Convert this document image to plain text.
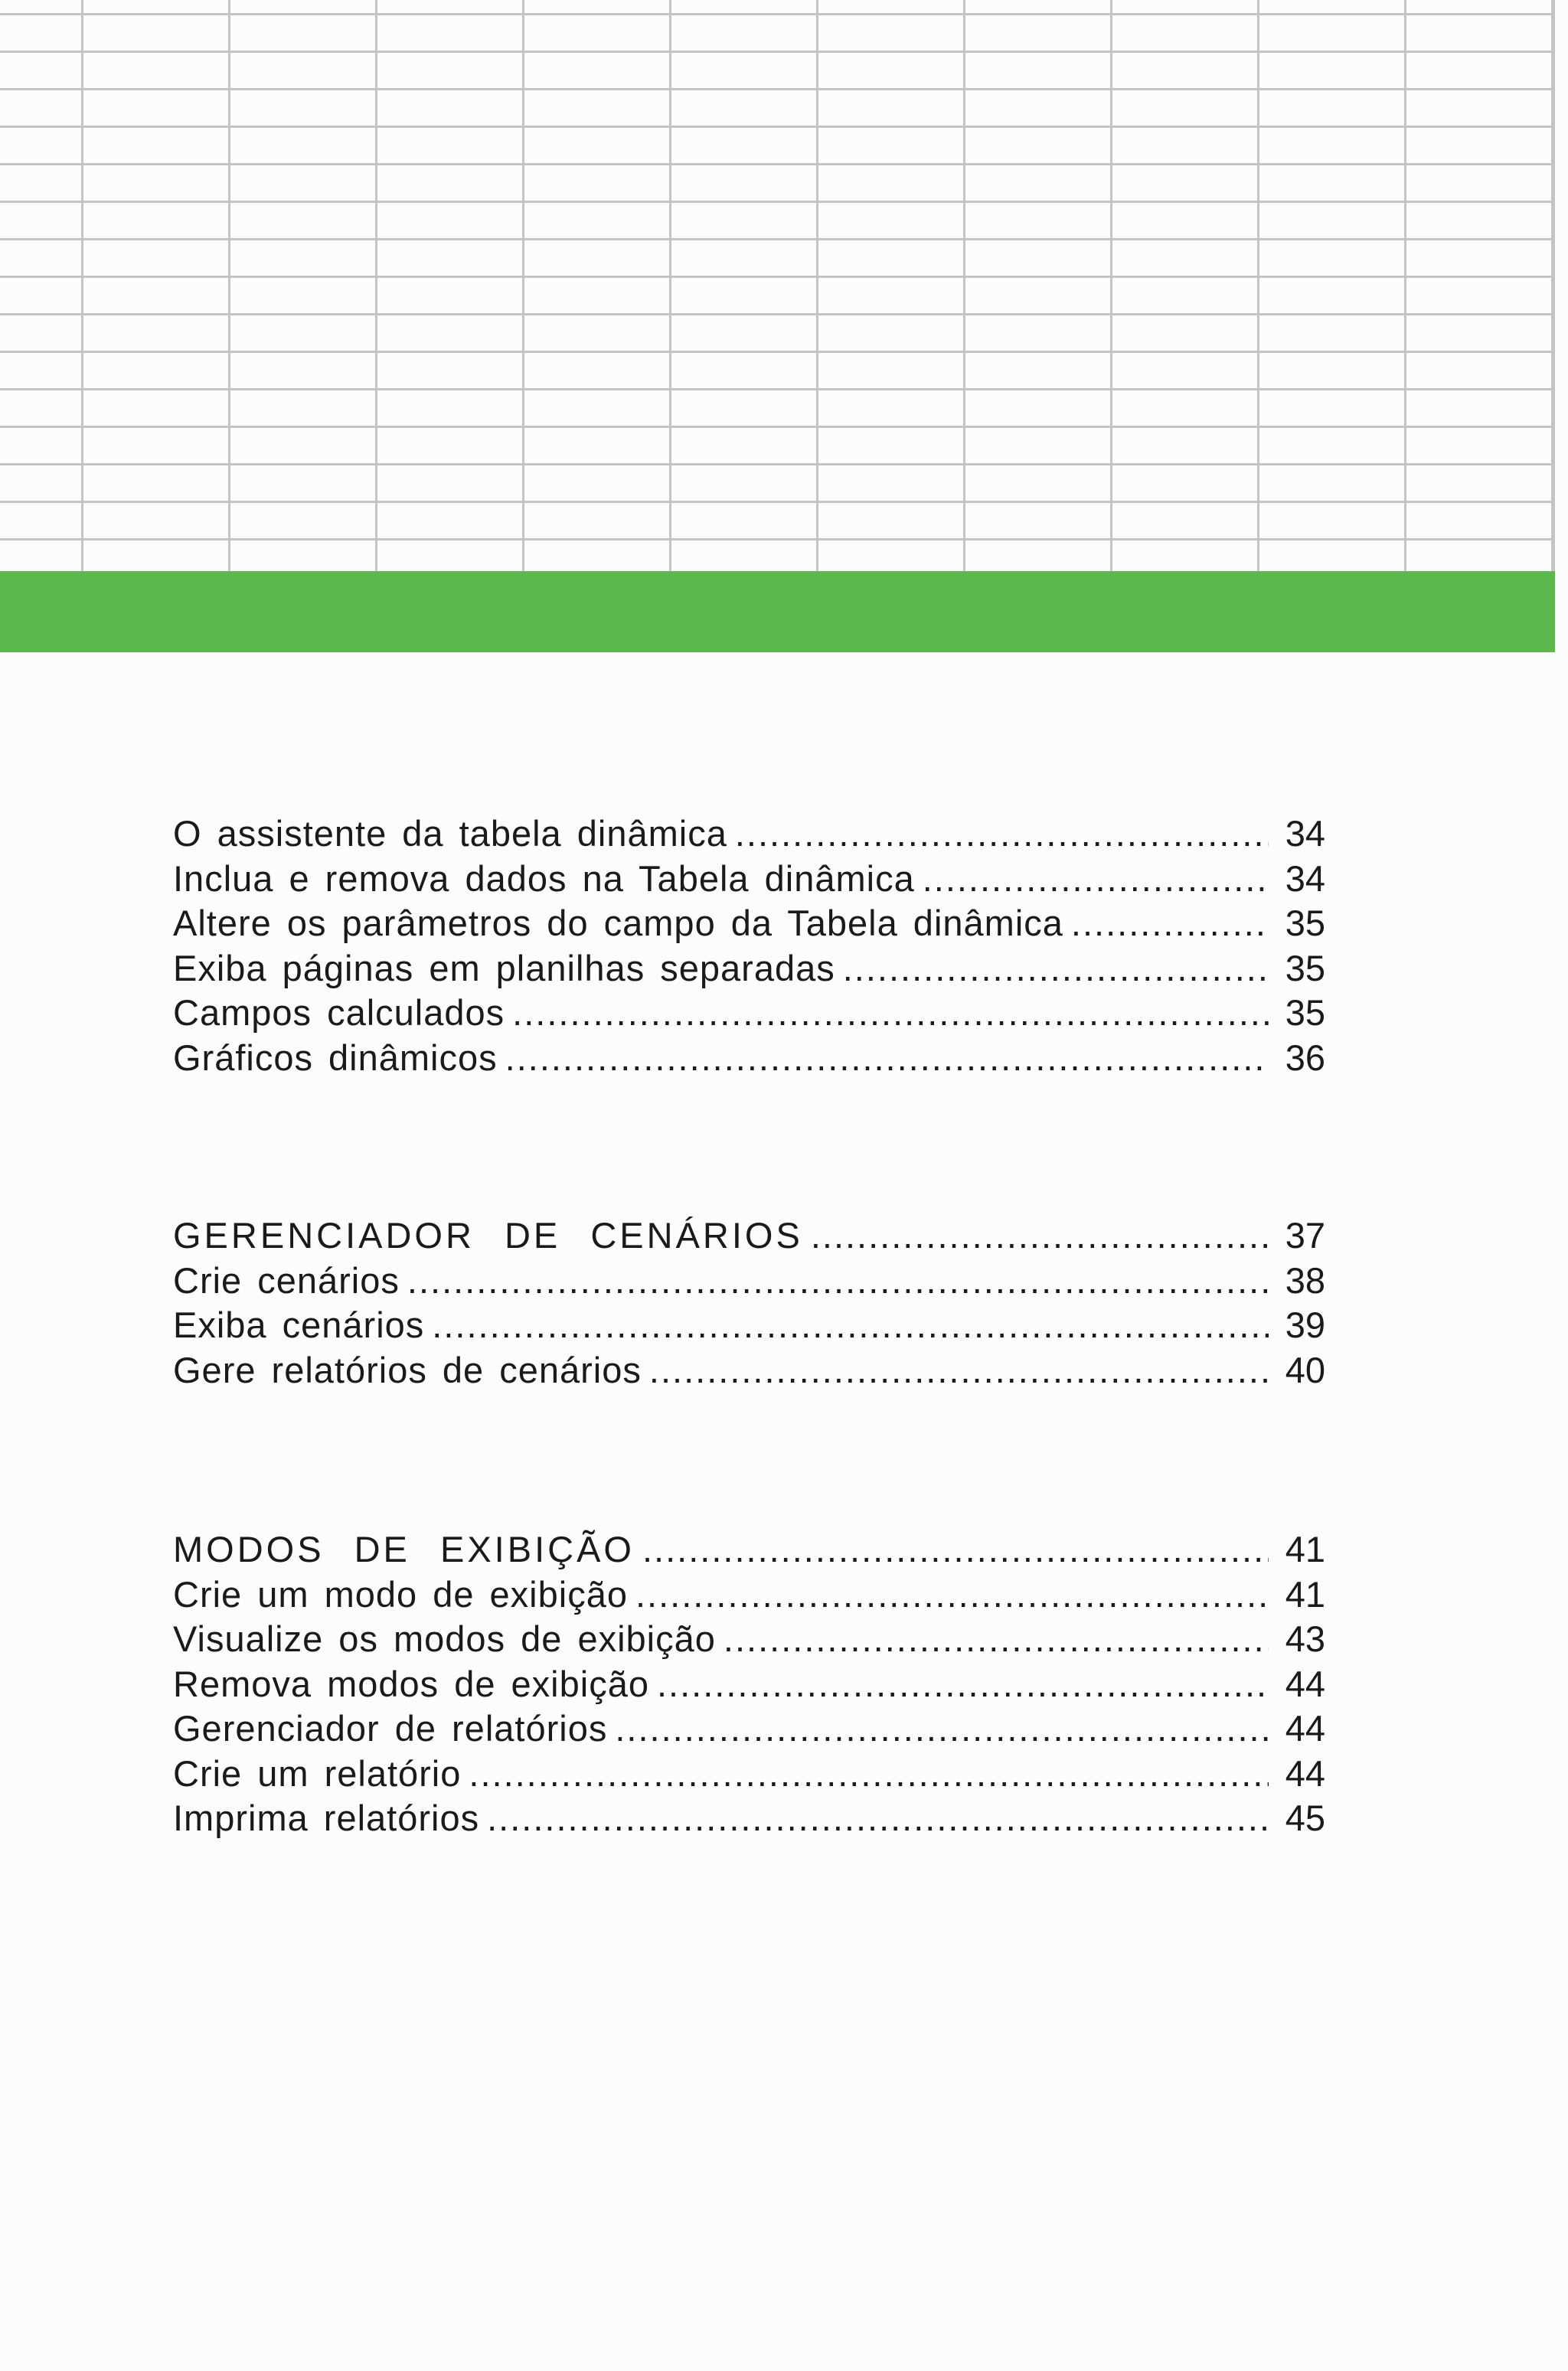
O assistente da tabela dinâmica .....	34
Inclua e remova dados na Tabela dinâmica .....	34
Altere os parâmetros do campo da Tabela dinâmica .....	35
Exiba páginas em planilhas separadas .....	35
Campos calculados .....	35
Gráficos dinâmicos .....	36
GERENCIADOR DE CENÁRIOS .....	37
Crie cenários .....	38
Exiba cenários .....	39
Gere relatórios de cenários .....	40
MODOS DE EXIBIÇÃO .....	41
Crie um modo de exibição .....	41
Visualize os modos de exibição .....	43
Remova modos de exibição .....	44
Gerenciador de relatórios .....	44
Crie um relatório .....	44
Imprima relatórios .....	45
